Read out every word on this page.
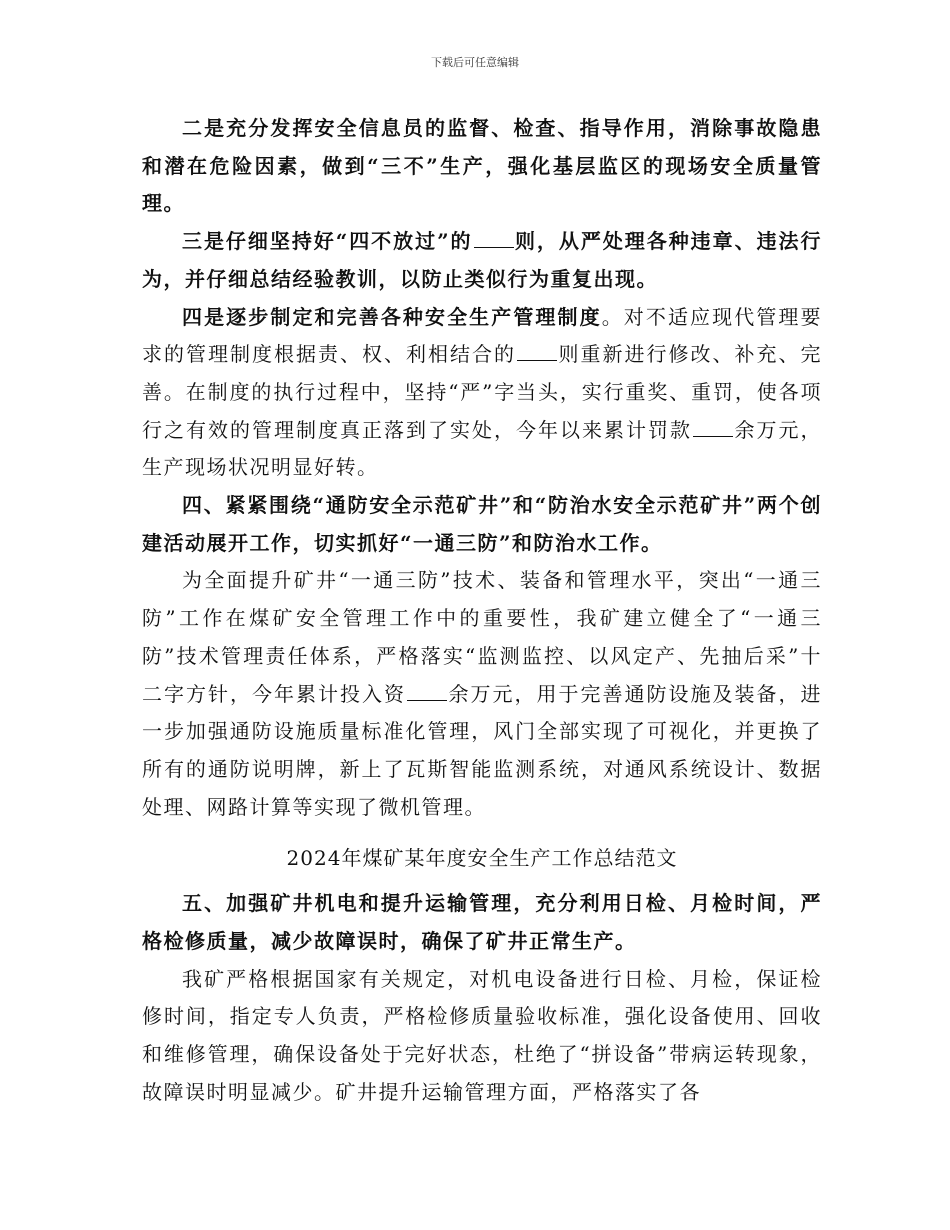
下载后可任意编辑

二是充分发挥安全信息员的监督、检查、指导作用，消除事故隐患和潜在危险因素，做到“三不”生产，强化基层监区的现场安全质量管理。

三是仔细坚持好“四不放过”的 则，从严处理各种违章、违法行为，并仔细总结经验教训，以防止类似行为重复出现。

四是逐步制定和完善各种安全生产管理制度。对不适应现代管理要求的管理制度根据责、权、利相结合的 则重新进行修改、补充、完善。在制度的执行过程中，坚持“严”字当头，实行重奖、重罚，使各项行之有效的管理制度真正落到了实处，今年以来累计罚款 余万元，生产现场状况明显好转。

四、紧紧围绕“通防安全示范矿井”和“防治水安全示范矿井”两个创建活动展开工作，切实抓好“一通三防”和防治水工作。

为全面提升矿井“一通三防”技术、装备和管理水平，突出“一通三防”工作在煤矿安全管理工作中的重要性，我矿建立健全了“一通三防”技术管理责任体系，严格落实“监测监控、以风定产、先抽后采”十二字方针，今年累计投入资 余万元，用于完善通防设施及装备，进一步加强通防设施质量标准化管理，风门全部实现了可视化，并更换了所有的通防说明牌，新上了瓦斯智能监测系统，对通风系统设计、数据处理、网路计算等实现了微机管理。

2024年煤矿某年度安全生产工作总结范文

五、加强矿井机电和提升运输管理，充分利用日检、月检时间，严格检修质量，减少故障误时，确保了矿井正常生产。

我矿严格根据国家有关规定，对机电设备进行日检、月检，保证检修时间，指定专人负责，严格检修质量验收标准，强化设备使用、回收和维修管理，确保设备处于完好状态，杜绝了“拼设备”带病运转现象，故障误时明显减少。矿井提升运输管理方面，严格落实了各
